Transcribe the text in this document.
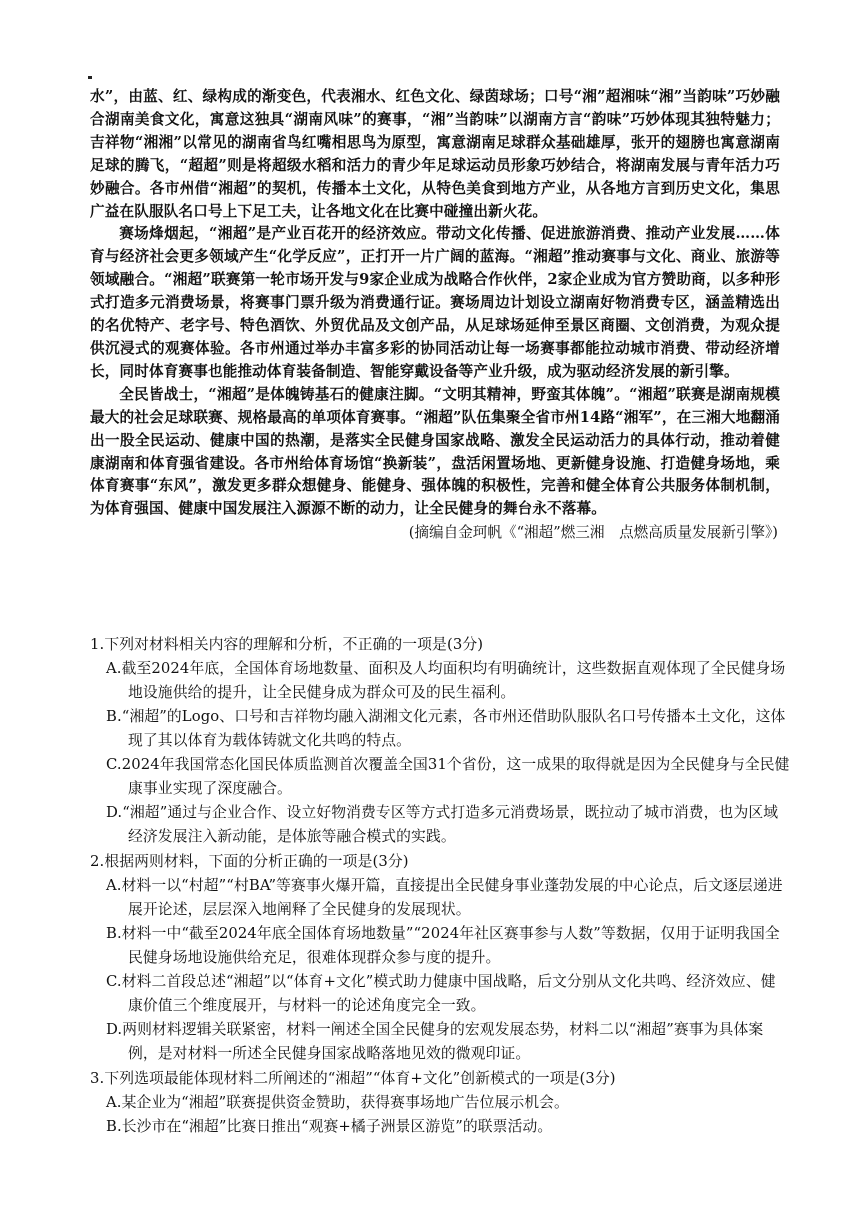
水”，由蓝、红、绿构成的渐变色，代表湘水、红色文化、绿茵球场；口号“湘”超湘味“湘”当韵味”巧妙融合湖南美食文化，寓意这独具“湖南风味”的赛事，“湘”当韵味”以湖南方言“韵味”巧妙体现其独特魅力；吉祥物“湘湘”以常见的湖南省鸟红嘴相思鸟为原型，寓意湖南足球群众基础雄厚，张开的翅膀也寓意湖南足球的腾飞，“超超”则是将超级水稻和活力的青少年足球运动员形象巧妙结合，将湖南发展与青年活力巧妙融合。各市州借“湘超”的契机，传播本土文化，从特色美食到地方产业，从各地方言到历史文化，集思广益在队服队名口号上下足工夫，让各地文化在比赛中碰撞出新火花。

赛场烽烟起，“湘超”是产业百花开的经济效应。带动文化传播、促进旅游消费、推动产业发展……体育与经济社会更多领域产生“化学反应”，正打开一片广阔的蓝海。“湘超”推动赛事与文化、商业、旅游等领域融合。“湘超”联赛第一轮市场开发与9家企业成为战略合作伙伴，2家企业成为官方赞助商，以多种形式打造多元消费场景，将赛事门票升级为消费通行证。赛场周边计划设立湖南好物消费专区，涵盖精选出的名优特产、老字号、特色酒饮、外贸优品及文创产品，从足球场延伸至景区商圈、文创消费，为观众提供沉浸式的观赛体验。各市州通过举办丰富多彩的协同活动让每一场赛事都能拉动城市消费、带动经济增长，同时体育赛事也能推动体育装备制造、智能穿戴设备等产业升级，成为驱动经济发展的新引擎。

全民皆战士，“湘超”是体魄铸基石的健康注脚。“文明其精神，野蛮其体魄”。“湘超”联赛是湖南规模最大的社会足球联赛、规格最高的单项体育赛事。“湘超”队伍集聚全省市州14路“湘军”，在三湘大地翻涌出一股全民运动、健康中国的热潮，是落实全民健身国家战略、激发全民运动活力的具体行动，推动着健康湖南和体育强省建设。各市州给体育场馆“换新装”，盘活闲置场地、更新健身设施、打造健身场地，乘体育赛事“东风”，激发更多群众想健身、能健身、强体魄的积极性，完善和健全体育公共服务体制机制，为体育强国、健康中国发展注入源源不断的动力，让全民健身的舞台永不落幕。

(摘编自金珂帆《“湘超”燃三湘　点燃高质量发展新引擎》)

1.下列对材料相关内容的理解和分析，不正确的一项是(3分)

A.截至2024年底，全国体育场地数量、面积及人均面积均有明确统计，这些数据直观体现了全民健身场地设施供给的提升，让全民健身成为群众可及的民生福利。

B.“湘超”的Logo、口号和吉祥物均融入湖湘文化元素，各市州还借助队服队名口号传播本土文化，这体现了其以体育为载体铸就文化共鸣的特点。

C.2024年我国常态化国民体质监测首次覆盖全国31个省份，这一成果的取得就是因为全民健身与全民健康事业实现了深度融合。

D.“湘超”通过与企业合作、设立好物消费专区等方式打造多元消费场景，既拉动了城市消费，也为区域经济发展注入新动能，是体旅等融合模式的实践。

2.根据两则材料，下面的分析正确的一项是(3分)

A.材料一以“村超”“村BA”等赛事火爆开篇，直接提出全民健身事业蓬勃发展的中心论点，后文逐层递进展开论述，层层深入地阐释了全民健身的发展现状。

B.材料一中“截至2024年底全国体育场地数量”“2024年社区赛事参与人数”等数据，仅用于证明我国全民健身场地设施供给充足，很难体现群众参与度的提升。

C.材料二首段总述“湘超”以“体育+文化”模式助力健康中国战略，后文分别从文化共鸣、经济效应、健康价值三个维度展开，与材料一的论述角度完全一致。

D.两则材料逻辑关联紧密，材料一阐述全国全民健身的宏观发展态势，材料二以“湘超”赛事为具体案例，是对材料一所述全民健身国家战略落地见效的微观印证。

3.下列选项最能体现材料二所阐述的“湘超”“体育+文化”创新模式的一项是(3分)

A.某企业为“湘超”联赛提供资金赞助，获得赛事场地广告位展示机会。

B.长沙市在“湘超”比赛日推出“观赛+橘子洲景区游览”的联票活动。
